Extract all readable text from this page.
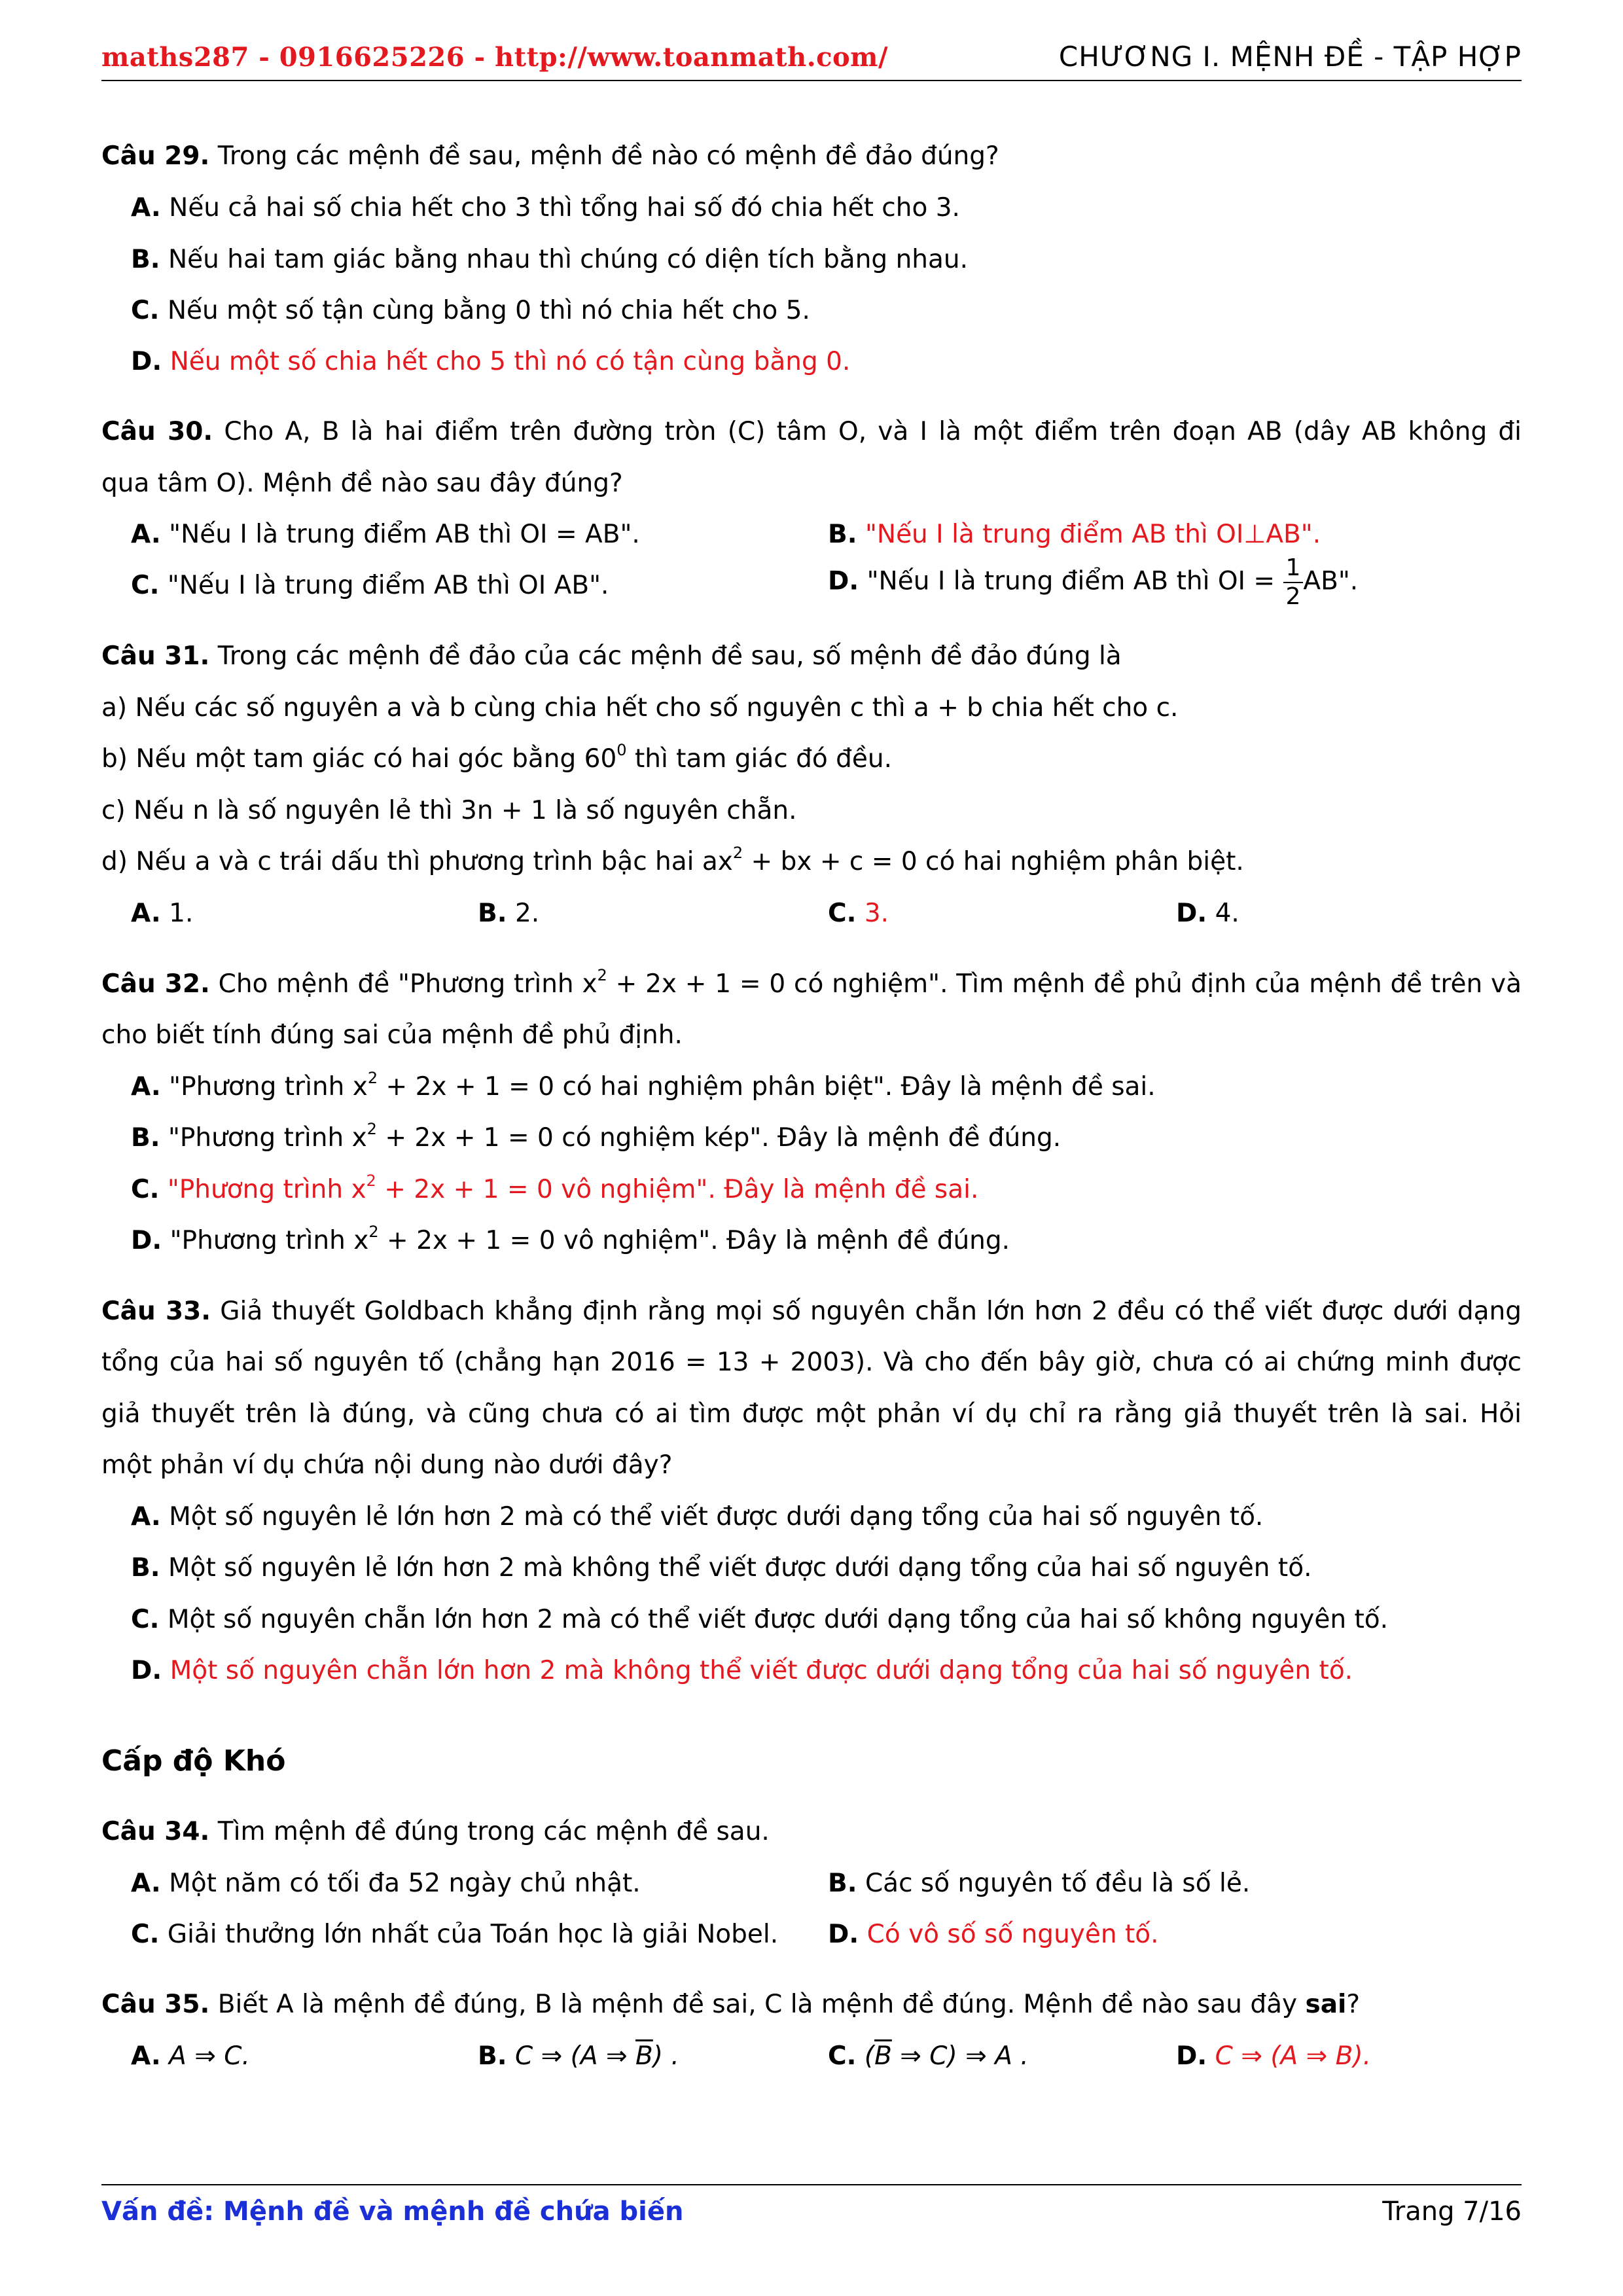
maths287 - 0916625226 - http://www.toanmath.com/	CHƯƠNG I. MỆNH ĐỀ - TẬP HỢP
Câu 29. Trong các mệnh đề sau, mệnh đề nào có mệnh đề đảo đúng?
A. Nếu cả hai số chia hết cho 3 thì tổng hai số đó chia hết cho 3.
B. Nếu hai tam giác bằng nhau thì chúng có diện tích bằng nhau.
C. Nếu một số tận cùng bằng 0 thì nó chia hết cho 5.
D. Nếu một số chia hết cho 5 thì nó có tận cùng bằng 0.
Câu 30. Cho A, B là hai điểm trên đường tròn (C) tâm O, và I là một điểm trên đoạn AB (dây AB không đi
qua tâm O). Mệnh đề nào sau đây đúng?
A. "Nếu I là trung điểm AB thì OI = AB".	B. "Nếu I là trung điểm AB thì OI⊥AB".
C. "Nếu I là trung điểm AB thì OI AB".	D. "Nếu I là trung điểm AB thì OI = $\frac{1}{2}$ AB".
Câu 31. Trong các mệnh đề đảo của các mệnh đề sau, số mệnh đề đảo đúng là
a) Nếu các số nguyên a và b cùng chia hết cho số nguyên c thì a + b chia hết cho c.
b) Nếu một tam giác có hai góc bằng $60^0$ thì tam giác đó đều.
c) Nếu n là số nguyên lẻ thì 3n + 1 là số nguyên chẵn.
d) Nếu a và c trái dấu thì phương trình bậc hai $ax^2$ + bx + c = 0 có hai nghiệm phân biệt.
A. 1.	B. 2.	C. 3.	D. 4.
Câu 32. Cho mệnh đề "Phương trình $x^2 + 2x + 1 = 0$ có nghiệm". Tìm mệnh đề phủ định của mệnh đề trên và
cho biết tính đúng sai của mệnh đề phủ định.
A. "Phương trình $x^2 + 2x + 1 = 0$ có hai nghiệm phân biệt". Đây là mệnh đề sai.
B. "Phương trình $x^2 + 2x + 1 = 0$ có nghiệm kép". Đây là mệnh đề đúng.
C. "Phương trình $x^2 + 2x + 1 = 0$ vô nghiệm". Đây là mệnh đề sai.
D. "Phương trình $x^2 + 2x + 1 = 0$ vô nghiệm". Đây là mệnh đề đúng.
Câu 33. Giả thuyết Goldbach khẳng định rằng mọi số nguyên chẵn lớn hơn 2 đều có thể viết được dưới dạng
tổng của hai số nguyên tố (chẳng hạn 2016 = 13 + 2003). Và cho đến bây giờ, chưa có ai chứng minh được
giả thuyết trên là đúng, và cũng chưa có ai tìm được một phản ví dụ chỉ ra rằng giả thuyết trên là sai. Hỏi
một phản ví dụ chứa nội dung nào dưới đây?
A. Một số nguyên lẻ lớn hơn 2 mà có thể viết được dưới dạng tổng của hai số nguyên tố.
B. Một số nguyên lẻ lớn hơn 2 mà không thể viết được dưới dạng tổng của hai số nguyên tố.
C. Một số nguyên chẵn lớn hơn 2 mà có thể viết được dưới dạng tổng của hai số không nguyên tố.
D. Một số nguyên chẵn lớn hơn 2 mà không thể viết được dưới dạng tổng của hai số nguyên tố.
Cấp độ Khó
Câu 34. Tìm mệnh đề đúng trong các mệnh đề sau.
A. Một năm có tối đa 52 ngày chủ nhật.	B. Các số nguyên tố đều là số lẻ.
C. Giải thưởng lớn nhất của Toán học là giải Nobel. D. Có vô số số nguyên tố.
Câu 35. Biết A là mệnh đề đúng, B là mệnh đề sai, C là mệnh đề đúng. Mệnh đề nào sau đây sai?
A. A ⇒ C.	B. C ⇒ (A ⇒ $\overline{B}$) .	C. ($\overline{B}$ ⇒ C) ⇒ A .	D. C ⇒ (A ⇒ B).
Vấn đề: Mệnh đề và mệnh đề chứa biến	Trang 7/16
